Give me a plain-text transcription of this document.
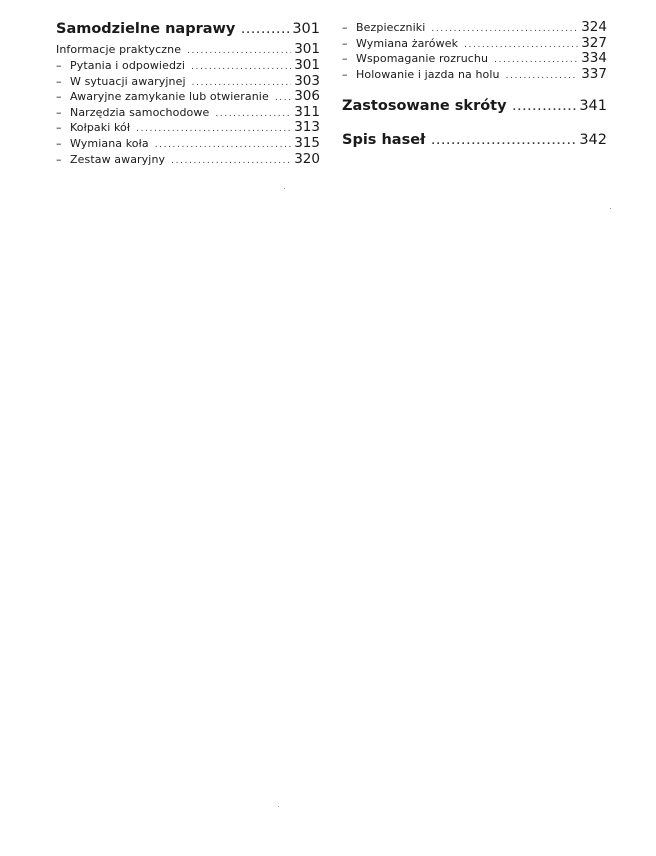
Samodzielne naprawy .....	301
Informacje praktyczne .....	301
– Pytania i odpowiedzi .....	301
– W sytuacji awaryjnej .....	303
– Awaryjne zamykanie lub otwieranie ..... 306
– Narzędzia samochodowe .....	311
– Kołpaki kół .....	313
– Wymiana koła .....	315
– Zestaw awaryjny .....	320
– Bezpieczniki .....	324
– Wymiana żarówek .....	327
– Wspomaganie rozruchu .....	334
– Holowanie i jazda na holu .....	337
Zastosowane skróty .....	341
Spis haseł .....	342
